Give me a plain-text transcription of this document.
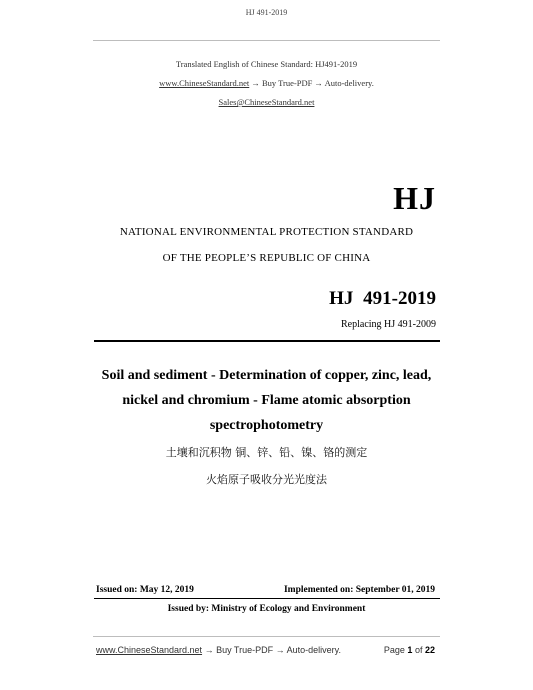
HJ 491-2019
Translated English of Chinese Standard: HJ491-2019
www.ChineseStandard.net → Buy True-PDF → Auto-delivery.
Sales@ChineseStandard.net
HJ
NATIONAL ENVIRONMENTAL PROTECTION STANDARD
OF THE PEOPLE’S REPUBLIC OF CHINA
HJ 491-2019
Replacing HJ 491-2009
Soil and sediment - Determination of copper, zinc, lead,
nickel and chromium - Flame atomic absorption
spectrophotometry
土壤和沉积物 铜、锌、铅、镍、铬的测定
火焰原子吸收分光光度法
Issued on: May 12, 2019	Implemented on: September 01, 2019
Issued by: Ministry of Ecology and Environment
www.ChineseStandard.net → Buy True-PDF → Auto-delivery.	Page 1 of 22
